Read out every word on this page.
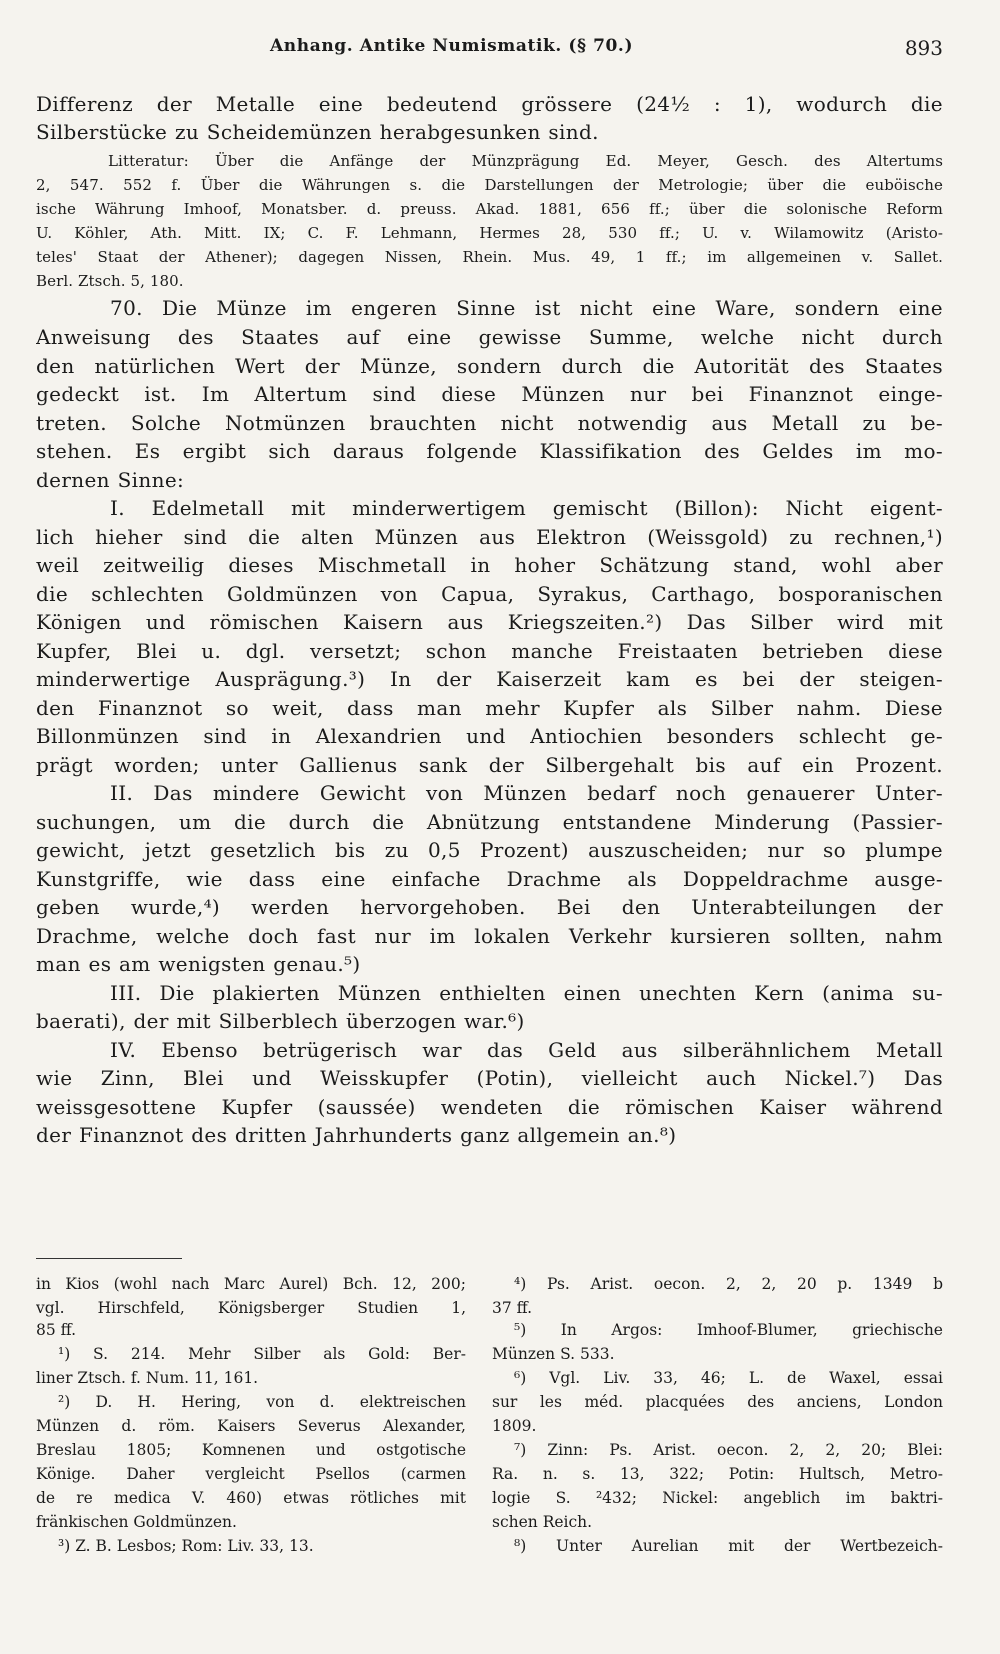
Anhang. Antike Numismatik. (§ 70.)	893
Differenz der Metalle eine bedeutend grössere (24½ : 1), wodurch die
Silberstücke zu Scheidemünzen herabgesunken sind.
Litteratur: Über die Anfänge der Münzprägung Ed. Meyer, Gesch. des Altertums
2, 547. 552 f. Über die Währungen s. die Darstellungen der Metrologie; über die euböische
ische Währung Imhoof, Monatsber. d. preuss. Akad. 1881, 656 ff.; über die solonische Reform
U. Köhler, Ath. Mitt. IX; C. F. Lehmann, Hermes 28, 530 ff.; U. v. Wilamowitz (Aristo-
teles' Staat der Athener); dagegen Nissen, Rhein. Mus. 49, 1 ff.; im allgemeinen v. Sallet.
Berl. Ztsch. 5, 180.
70. Die Münze im engeren Sinne ist nicht eine Ware, sondern eine
Anweisung des Staates auf eine gewisse Summe, welche nicht durch
den natürlichen Wert der Münze, sondern durch die Autorität des Staates
gedeckt ist. Im Altertum sind diese Münzen nur bei Finanznot einge-
treten. Solche Notmünzen brauchten nicht notwendig aus Metall zu be-
stehen. Es ergibt sich daraus folgende Klassifikation des Geldes im mo-
dernen Sinne:
I. Edelmetall mit minderwertigem gemischt (Billon): Nicht eigent-
lich hieher sind die alten Münzen aus Elektron (Weissgold) zu rechnen,¹)
weil zeitweilig dieses Mischmetall in hoher Schätzung stand, wohl aber
die schlechten Goldmünzen von Capua, Syrakus, Carthago, bosporanischen
Königen und römischen Kaisern aus Kriegszeiten.²) Das Silber wird mit
Kupfer, Blei u. dgl. versetzt; schon manche Freistaaten betrieben diese
minderwertige Ausprägung.³) In der Kaiserzeit kam es bei der steigen-
den Finanznot so weit, dass man mehr Kupfer als Silber nahm. Diese
Billonmünzen sind in Alexandrien und Antiochien besonders schlecht ge-
prägt worden; unter Gallienus sank der Silbergehalt bis auf ein Prozent.
II. Das mindere Gewicht von Münzen bedarf noch genauerer Unter-
suchungen, um die durch die Abnützung entstandene Minderung (Passier-
gewicht, jetzt gesetzlich bis zu 0,5 Prozent) auszuscheiden; nur so plumpe
Kunstgriffe, wie dass eine einfache Drachme als Doppeldrachme ausge-
geben wurde,⁴) werden hervorgehoben. Bei den Unterabteilungen der
Drachme, welche doch fast nur im lokalen Verkehr kursieren sollten, nahm
man es am wenigsten genau.⁵)
III. Die plakierten Münzen enthielten einen unechten Kern (anima su-
baerati), der mit Silberblech überzogen war.⁶)
IV. Ebenso betrügerisch war das Geld aus silberähnlichem Metall
wie Zinn, Blei und Weisskupfer (Potin), vielleicht auch Nickel.⁷) Das
weissgesottene Kupfer (saussée) wendeten die römischen Kaiser während
der Finanznot des dritten Jahrhunderts ganz allgemein an.⁸)
in Kios (wohl nach Marc Aurel) Bch. 12, 200;
vgl. Hirschfeld, Königsberger Studien 1,
85 ff.
¹) S. 214. Mehr Silber als Gold: Ber-
liner Ztsch. f. Num. 11, 161.
²) D. H. Hering, von d. elektreischen
Münzen d. röm. Kaisers Severus Alexander,
Breslau 1805; Komnenen und ostgotische
Könige. Daher vergleicht Psellos (carmen
de re medica V. 460) etwas rötliches mit
fränkischen Goldmünzen.
³) Z. B. Lesbos; Rom: Liv. 33, 13.
⁴) Ps. Arist. oecon. 2, 2, 20 p. 1349 b
37 ff.
⁵) In Argos: Imhoof-Blumer, griechische
Münzen S. 533.
⁶) Vgl. Liv. 33, 46; L. de Waxel, essai
sur les méd. placquées des anciens, London
1809.
⁷) Zinn: Ps. Arist. oecon. 2, 2, 20; Blei:
Ra. n. s. 13, 322; Potin: Hultsch, Metro-
logie S. ²432; Nickel: angeblich im baktri-
schen Reich.
⁸) Unter Aurelian mit der Wertbezeich-
